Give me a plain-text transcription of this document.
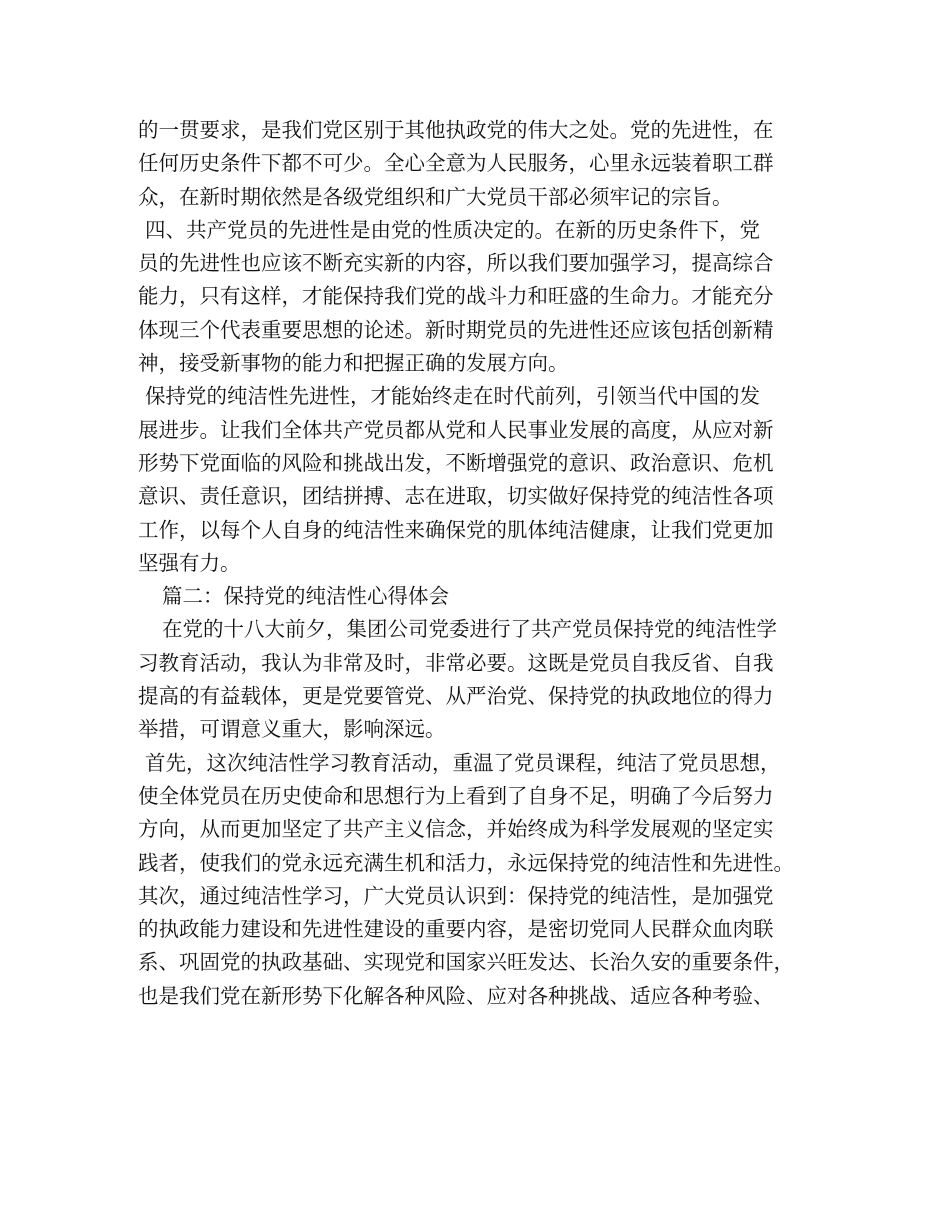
的一贯要求，是我们党区别于其他执政党的伟大之处。党的先进性，在
任何历史条件下都不可少。全心全意为人民服务，心里永远装着职工群
众，在新时期依然是各级党组织和广大党员干部必须牢记的宗旨。
四、共产党员的先进性是由党的性质决定的。在新的历史条件下，党
员的先进性也应该不断充实新的内容，所以我们要加强学习，提高综合
能力，只有这样，才能保持我们党的战斗力和旺盛的生命力。才能充分
体现三个代表重要思想的论述。新时期党员的先进性还应该包括创新精
神，接受新事物的能力和把握正确的发展方向。
保持党的纯洁性先进性，才能始终走在时代前列，引领当代中国的发
展进步。让我们全体共产党员都从党和人民事业发展的高度，从应对新
形势下党面临的风险和挑战出发，不断增强党的意识、政治意识、危机
意识、责任意识，团结拼搏、志在进取，切实做好保持党的纯洁性各项
工作，以每个人自身的纯洁性来确保党的肌体纯洁健康，让我们党更加
坚强有力。
篇二：保持党的纯洁性心得体会
在党的十八大前夕，集团公司党委进行了共产党员保持党的纯洁性学
习教育活动，我认为非常及时，非常必要。这既是党员自我反省、自我
提高的有益载体，更是党要管党、从严治党、保持党的执政地位的得力
举措，可谓意义重大，影响深远。
首先，这次纯洁性学习教育活动，重温了党员课程，纯洁了党员思想，
使全体党员在历史使命和思想行为上看到了自身不足，明确了今后努力
方向，从而更加坚定了共产主义信念，并始终成为科学发展观的坚定实
践者，使我们的党永远充满生机和活力，永远保持党的纯洁性和先进性。
其次，通过纯洁性学习，广大党员认识到：保持党的纯洁性，是加强党
的执政能力建设和先进性建设的重要内容，是密切党同人民群众血肉联
系、巩固党的执政基础、实现党和国家兴旺发达、长治久安的重要条件，
也是我们党在新形势下化解各种风险、应对各种挑战、适应各种考验、
